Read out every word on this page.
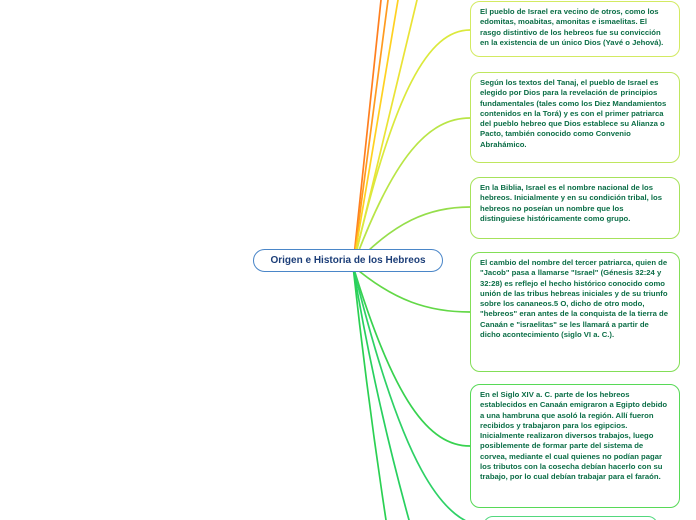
Origen e Historia de los Hebreos
El pueblo de Israel era vecino de otros, como los edomitas, moabitas, amonitas e ismaelitas. El rasgo distintivo de los hebreos fue su convicción en la existencia de un único Dios (Yavé o Jehová).
Según los textos del Tanaj, el pueblo de Israel es elegido por Dios para la revelación de principios fundamentales (tales como los Diez Mandamientos contenidos en la Torá) y es con el primer patriarca del pueblo hebreo que Dios establece su Alianza o Pacto, también conocido como Convenio Abrahámico.
En la Biblia, Israel es el nombre nacional de los hebreos. Inicialmente y en su condición tribal, los hebreos no poseían un nombre que los distinguiese históricamente como grupo.
El cambio del nombre del tercer patriarca, quien de "Jacob" pasa a llamarse "Israel" (Génesis 32:24 y 32:28) es reflejo el hecho histórico conocido como unión de las tribus hebreas iniciales y de su triunfo sobre los cananeos.5 O, dicho de otro modo, "hebreos" eran antes de la conquista de la tierra de Canaán e "israelitas" se les llamará a partir de dicho acontecimiento (siglo VI a. C.).
En el Siglo XIV a. C. parte de los hebreos establecidos en Canaán emigraron a Egipto debido a una hambruna que asoló la región. Allí fueron recibidos y trabajaron para los egipcios. Inicialmente realizaron diversos trabajos, luego posiblemente de formar parte del sistema de corvea, mediante el cual quienes no podían pagar los tributos con la cosecha debían hacerlo con su trabajo, por lo cual debían trabajar para el faraón.
